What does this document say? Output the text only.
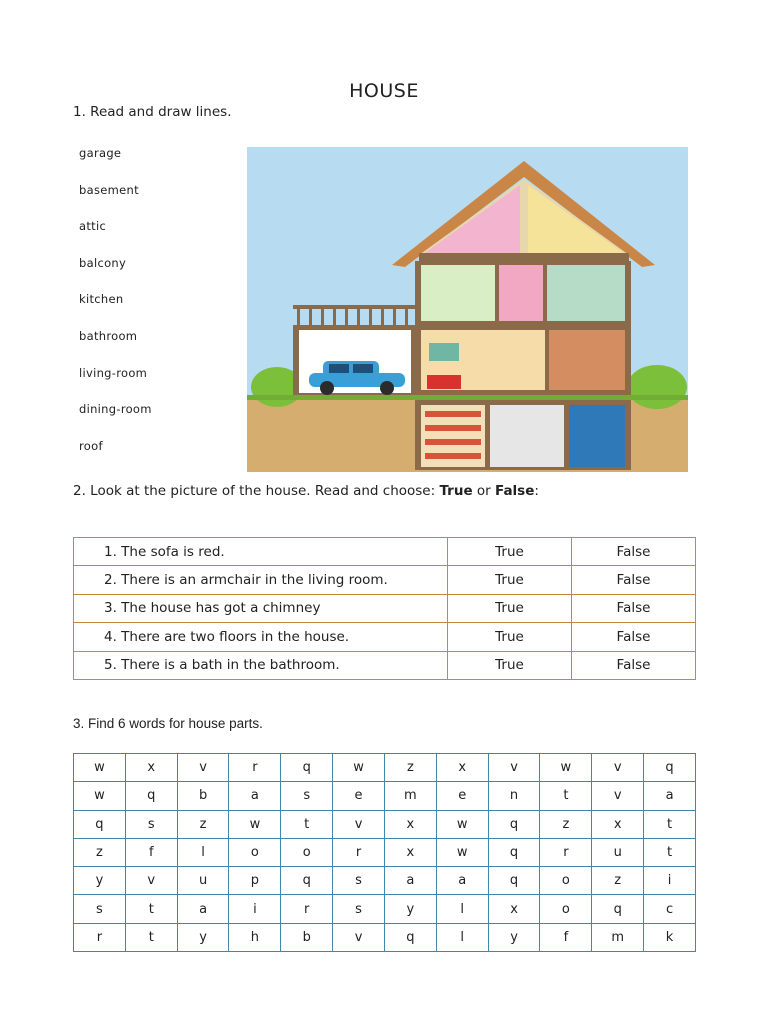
HOUSE
1. Read and draw lines.
garage
basement
attic
balcony
kitchen
bathroom
living-room
dining-room
roof
2. Look at the picture of the house. Read and choose: True or False:
1. The sofa is red.	True	False
2. There is an armchair in the living room.	True	False
3. The house has got a chimney	True	False
4. There are two floors in the house.	True	False
5. There is a bath in the bathroom.	True	False
3. Find 6 words for house parts.
w	x	v	r	q	w	z	x	v	w	v	q
w	q	b	a	s	e	m	e	n	t	v	a
q	s	z	w	t	v	x	w	q	z	x	t
z	f	l	o	o	r	x	w	q	r	u	t
y	v	u	p	q	s	a	a	q	o	z	i
s	t	a	i	r	s	y	l	x	o	q	c
r	t	y	h	b	v	q	l	y	f	m	k
